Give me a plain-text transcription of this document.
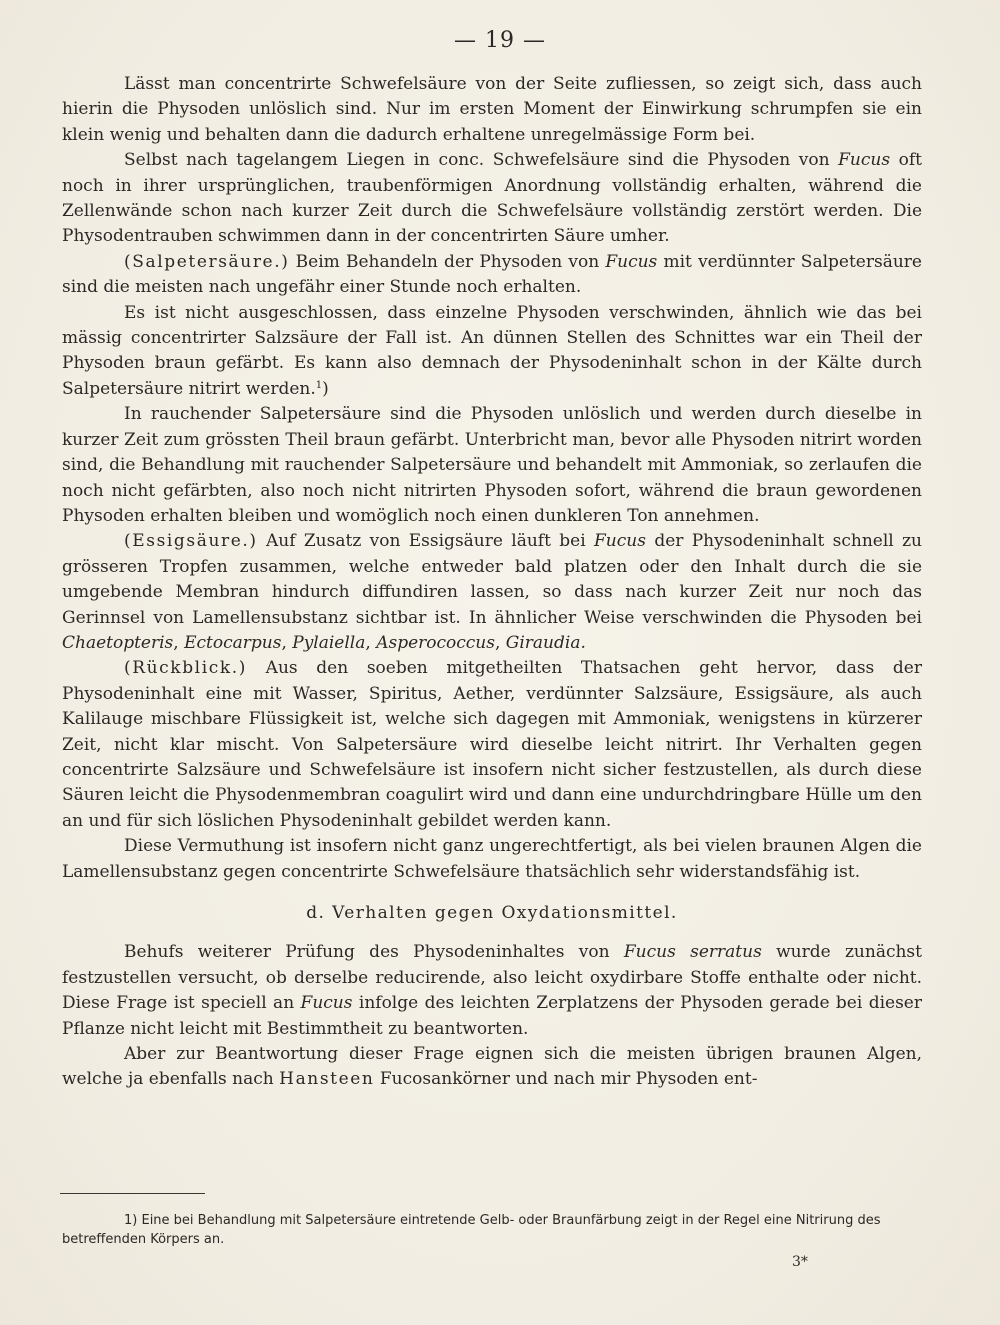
— 19 —

Lässt man concentrirte Schwefelsäure von der Seite zufliessen, so zeigt sich, dass auch hierin die Physoden unlöslich sind. Nur im ersten Moment der Einwirkung schrumpfen sie ein klein wenig und behalten dann die dadurch erhaltene unregelmässige Form bei.

Selbst nach tagelangem Liegen in conc. Schwefelsäure sind die Physoden von Fucus oft noch in ihrer ursprünglichen, traubenförmigen Anordnung vollständig erhalten, während die Zellenwände schon nach kurzer Zeit durch die Schwefelsäure vollständig zerstört werden. Die Physodentrauben schwimmen dann in der concentrirten Säure umher.

(Salpetersäure.) Beim Behandeln der Physoden von Fucus mit verdünnter Salpetersäure sind die meisten nach ungefähr einer Stunde noch erhalten.

Es ist nicht ausgeschlossen, dass einzelne Physoden verschwinden, ähnlich wie das bei mässig concentrirter Salzsäure der Fall ist. An dünnen Stellen des Schnittes war ein Theil der Physoden braun gefärbt. Es kann also demnach der Physodeninhalt schon in der Kälte durch Salpetersäure nitrirt werden.$^1$)

In rauchender Salpetersäure sind die Physoden unlöslich und werden durch dieselbe in kurzer Zeit zum grössten Theil braun gefärbt. Unterbricht man, bevor alle Physoden nitrirt worden sind, die Behandlung mit rauchender Salpetersäure und behandelt mit Ammoniak, so zerlaufen die noch nicht gefärbten, also noch nicht nitrirten Physoden sofort, während die braun gewordenen Physoden erhalten bleiben und womöglich noch einen dunkleren Ton annehmen.

(Essigsäure.) Auf Zusatz von Essigsäure läuft bei Fucus der Physodeninhalt schnell zu grösseren Tropfen zusammen, welche entweder bald platzen oder den Inhalt durch die sie umgebende Membran hindurch diffundiren lassen, so dass nach kurzer Zeit nur noch das Gerinnsel von Lamellensubstanz sichtbar ist. In ähnlicher Weise verschwinden die Physoden bei Chaetopteris, Ectocarpus, Pylaiella, Asperococcus, Giraudia.

(Rückblick.) Aus den soeben mitgetheilten Thatsachen geht hervor, dass der Physodeninhalt eine mit Wasser, Spiritus, Aether, verdünnter Salzsäure, Essigsäure, als auch Kalilauge mischbare Flüssigkeit ist, welche sich dagegen mit Ammoniak, wenigstens in kürzerer Zeit, nicht klar mischt. Von Salpetersäure wird dieselbe leicht nitrirt. Ihr Verhalten gegen concentrirte Salzsäure und Schwefelsäure ist insofern nicht sicher festzustellen, als durch diese Säuren leicht die Physodenmembran coagulirt wird und dann eine undurchdringbare Hülle um den an und für sich löslichen Physodeninhalt gebildet werden kann.

Diese Vermuthung ist insofern nicht ganz ungerechtfertigt, als bei vielen braunen Algen die Lamellensubstanz gegen concentrirte Schwefelsäure thatsächlich sehr widerstandsfähig ist.

d. Verhalten gegen Oxydationsmittel.

Behufs weiterer Prüfung des Physodeninhaltes von Fucus serratus wurde zunächst festzustellen versucht, ob derselbe reducirende, also leicht oxydirbare Stoffe enthalte oder nicht. Diese Frage ist speciell an Fucus infolge des leichten Zerplatzens der Physoden gerade bei dieser Pflanze nicht leicht mit Bestimmtheit zu beantworten.

Aber zur Beantwortung dieser Frage eignen sich die meisten übrigen braunen Algen, welche ja ebenfalls nach Hansteen Fucosankörner und nach mir Physoden ent-

1) Eine bei Behandlung mit Salpetersäure eintretende Gelb- oder Braunfärbung zeigt in der Regel eine Nitrirung des betreffenden Körpers an.
3*
